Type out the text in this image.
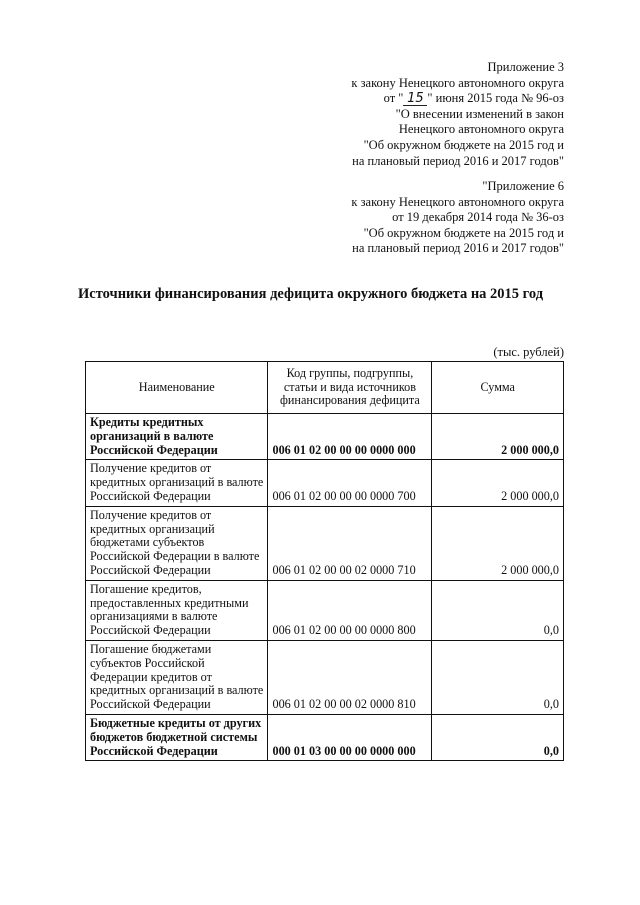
Приложение 3
к закону Ненецкого автономного округа
от " 15 " июня 2015 года № 96-оз
"О внесении изменений в закон
Ненецкого автономного округа
"Об окружном бюджете на 2015 год и
на плановый период 2016 и 2017 годов"
"Приложение 6
к закону Ненецкого автономного округа
от 19 декабря 2014 года № 36-оз
"Об окружном бюджете на 2015 год и
на плановый период 2016 и 2017 годов"
Источники финансирования дефицита окружного бюджета на 2015 год
(тыс. рублей)
Наименование	Код группы, подгруппы, статьи и вида источников финансирования дефицита	Сумма
Кредиты кредитных организаций в валюте Российской Федерации	006 01 02 00 00 00 0000 000	2 000 000,0
Получение кредитов от кредитных организаций в валюте Российской Федерации	006 01 02 00 00 00 0000 700	2 000 000,0
Получение кредитов от кредитных организаций бюджетами субъектов Российской Федерации в валюте Российской Федерации	006 01 02 00 00 02 0000 710	2 000 000,0
Погашение кредитов, предоставленных кредитными организациями в валюте Российской Федерации	006 01 02 00 00 00 0000 800	0,0
Погашение бюджетами субъектов Российской Федерации кредитов от кредитных организаций в валюте Российской Федерации	006 01 02 00 00 02 0000 810	0,0
Бюджетные кредиты от других бюджетов бюджетной системы Российской Федерации	000 01 03 00 00 00 0000 000	0,0
